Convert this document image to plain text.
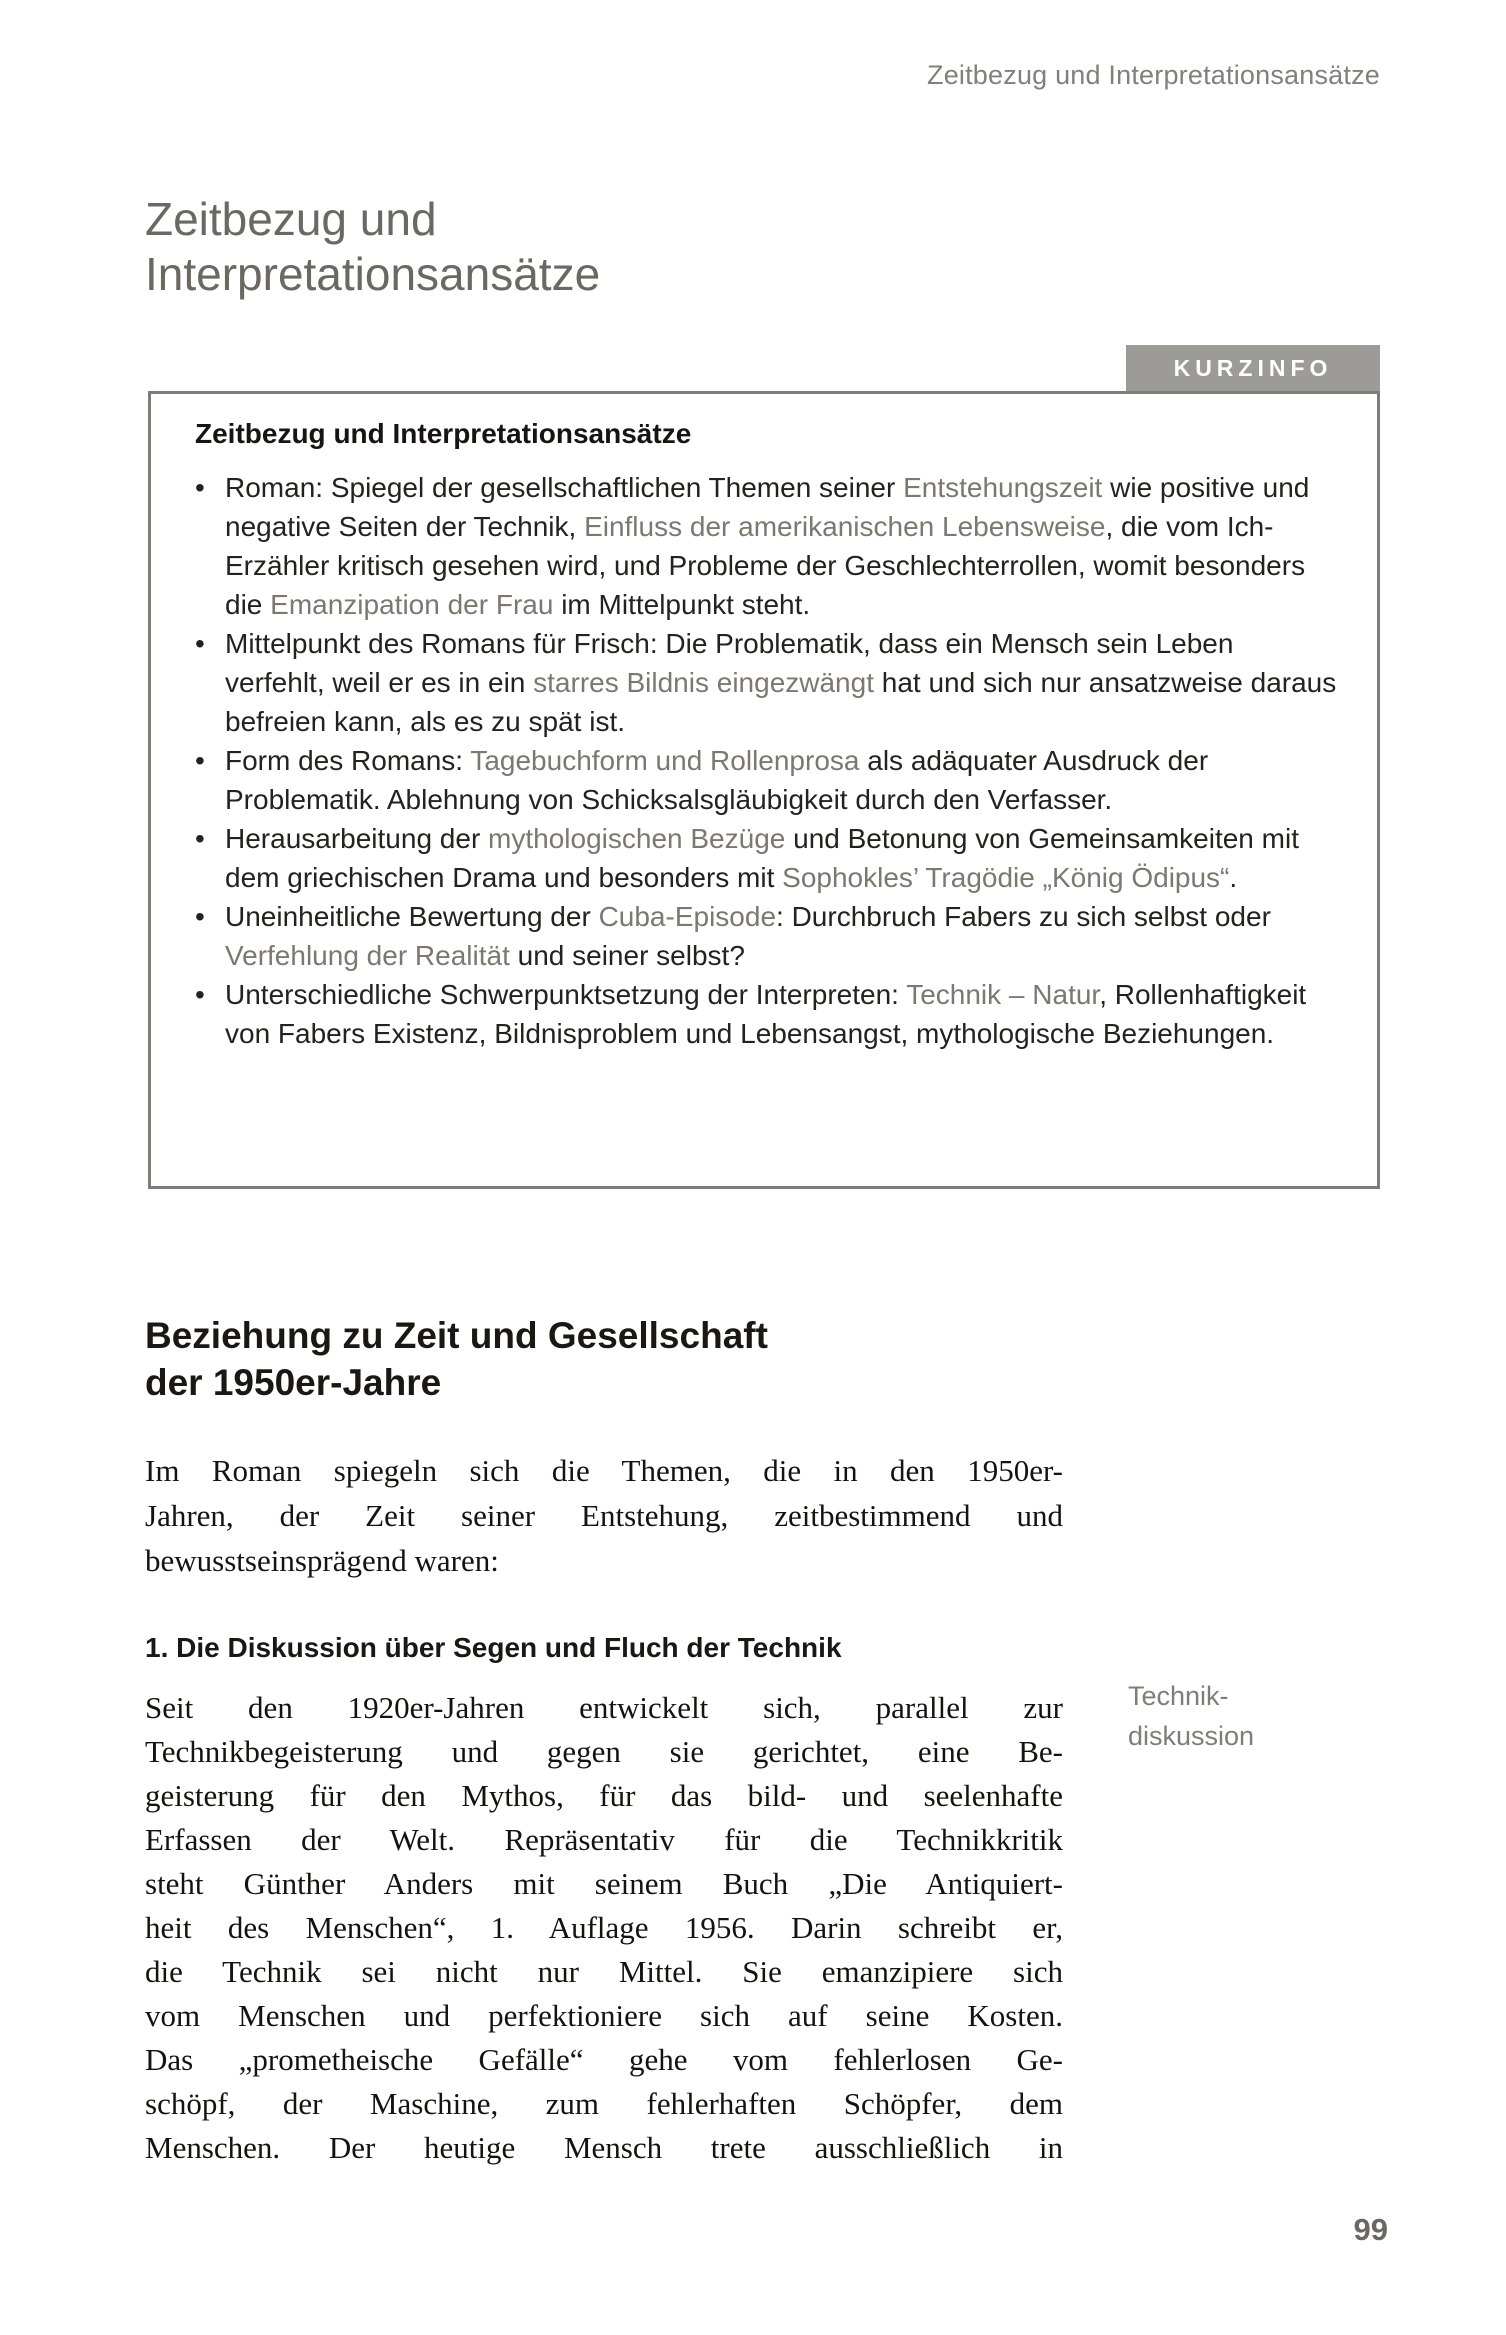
Zeitbezug und Interpretationsansätze
Zeitbezug und
Interpretationsansätze
KURZINFO
Zeitbezug und Interpretationsansätze
• Roman: Spiegel der gesellschaftlichen Themen seiner Entstehungszeit wie positive und negative Seiten der Technik, Einfluss der amerikanischen Lebensweise, die vom Ich-Erzähler kritisch gesehen wird, und Probleme der Geschlechterrollen, womit besonders die Emanzipation der Frau im Mittelpunkt steht.
• Mittelpunkt des Romans für Frisch: Die Problematik, dass ein Mensch sein Leben verfehlt, weil er es in ein starres Bildnis eingezwängt hat und sich nur ansatzweise daraus befreien kann, als es zu spät ist.
• Form des Romans: Tagebuchform und Rollenprosa als adäquater Ausdruck der Problematik. Ablehnung von Schicksalsgläubigkeit durch den Verfasser.
• Herausarbeitung der mythologischen Bezüge und Betonung von Gemeinsamkeiten mit dem griechischen Drama und besonders mit Sophokles’ Tragödie „König Ödipus“.
• Uneinheitliche Bewertung der Cuba-Episode: Durchbruch Fabers zu sich selbst oder Verfehlung der Realität und seiner selbst?
• Unterschiedliche Schwerpunktsetzung der Interpreten: Technik – Natur, Rollenhaftigkeit von Fabers Existenz, Bildnisproblem und Lebensangst, mythologische Beziehungen.
Beziehung zu Zeit und Gesellschaft
der 1950er-Jahre
Im Roman spiegeln sich die Themen, die in den 1950er-
Jahren, der Zeit seiner Entstehung, zeitbestimmend und
bewusstseinsprägend waren:
1. Die Diskussion über Segen und Fluch der Technik
Seit den 1920er-Jahren entwickelt sich, parallel zur
Technikbegeisterung und gegen sie gerichtet, eine Be-
geisterung für den Mythos, für das bild- und seelenhafte
Erfassen der Welt. Repräsentativ für die Technikkritik
steht Günther Anders mit seinem Buch „Die Antiquiert-
heit des Menschen“, 1. Auflage 1956. Darin schreibt er,
die Technik sei nicht nur Mittel. Sie emanzipiere sich
vom Menschen und perfektioniere sich auf seine Kosten.
Das „prometheische Gefälle“ gehe vom fehlerlosen Ge-
schöpf, der Maschine, zum fehlerhaften Schöpfer, dem
Menschen. Der heutige Mensch trete ausschließlich in
Technik-
diskussion
99
